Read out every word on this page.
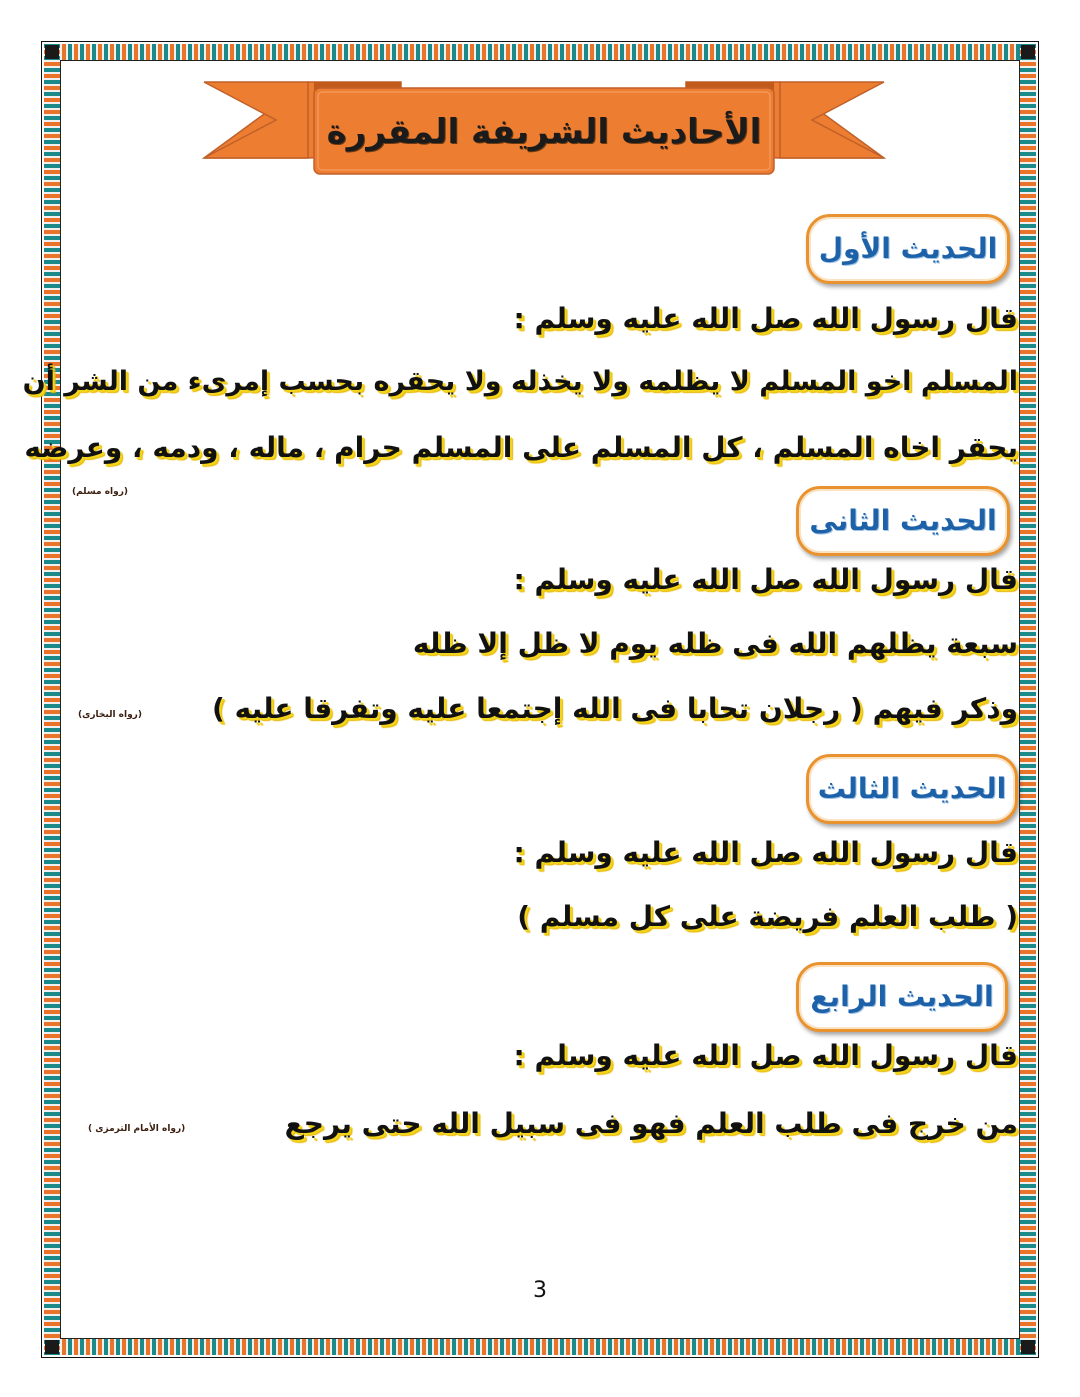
الأحاديث الشريفة المقررة
الحديث الأول
قال رسول الله صل الله عليه وسلم :
المسلم اخو المسلم لا يظلمه ولا يخذله ولا يحقره بحسب إمرىء من الشر أن
يحقر اخاه المسلم ، كل المسلم على المسلم حرام ، ماله ، ودمه ، وعرضه
(رواه مسلم)
الحديث الثانى
قال رسول الله صل الله عليه وسلم :
سبعة يظلهم الله فى ظله يوم لا ظل إلا ظله
وذكر فيهم ( رجلان تحابا فى الله إجتمعا عليه وتفرقا عليه )
(رواه البخارى)
الحديث الثالث
قال رسول الله صل الله عليه وسلم :
( طلب العلم فريضة على كل مسلم )
الحديث الرابع
قال رسول الله صل الله عليه وسلم :
من خرج فى طلب العلم فهو فى سبيل الله حتى يرجع
(رواه الأمام الترمزى )
3
